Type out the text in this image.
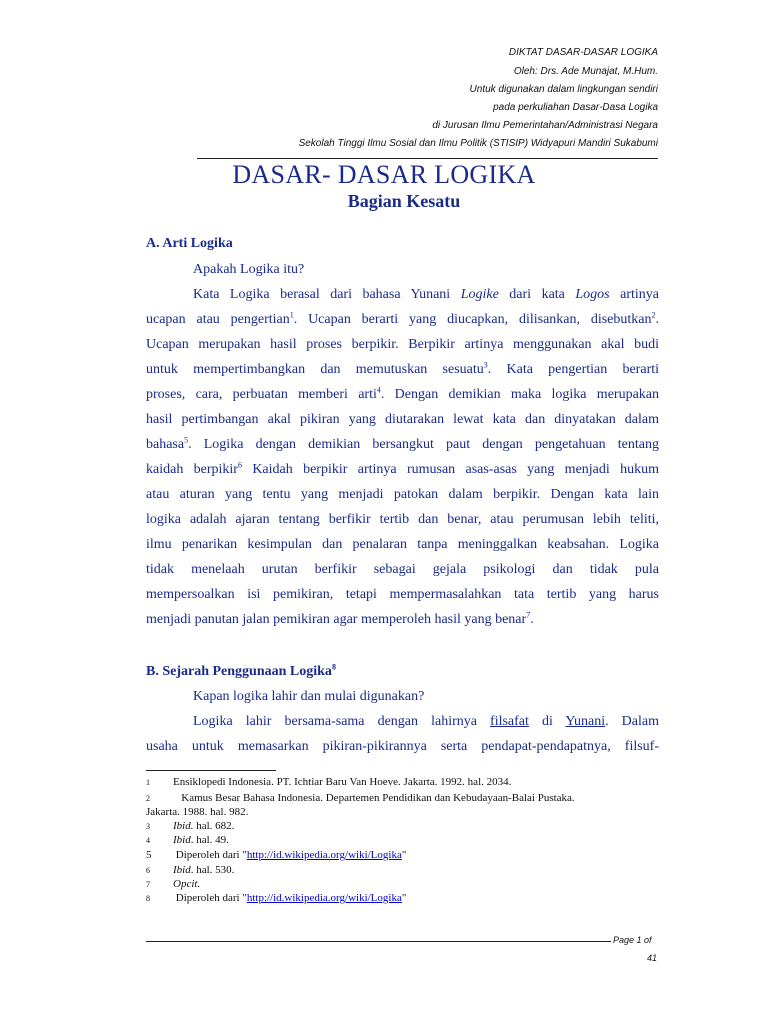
DIKTAT DASAR-DASAR LOGIKA
Oleh: Drs. Ade Munajat, M.Hum.
Untuk digunakan dalam lingkungan sendiri
pada perkuliahan Dasar-Dasa Logika
di Jurusan Ilmu Pemerintahan/Administrasi Negara
Sekolah Tinggi Ilmu Sosial dan Ilmu Politik (STISIP) Widyapuri Mandiri Sukabumi
DASAR- DASAR LOGIKA
Bagian Kesatu
A. Arti Logika
Apakah Logika itu?
Kata Logika berasal dari bahasa Yunani Logike dari kata Logos artinya
ucapan atau pengertian$^1$. Ucapan berarti yang diucapkan, dilisankan, disebutkan$^2$.
Ucapan merupakan hasil proses berpikir. Berpikir artinya menggunakan akal budi
untuk mempertimbangkan dan memutuskan sesuatu$^3$. Kata pengertian berarti
proses, cara, perbuatan memberi arti$^4$. Dengan demikian maka logika merupakan
hasil pertimbangan akal pikiran yang diutarakan lewat kata dan dinyatakan dalam
bahasa$^5$. Logika dengan demikian bersangkut paut dengan pengetahuan tentang
kaidah berpikir$^6$ Kaidah berpikir artinya rumusan asas-asas yang menjadi hukum
atau aturan yang tentu yang menjadi patokan dalam berpikir. Dengan kata lain
logika adalah ajaran tentang berfikir tertib dan benar, atau perumusan lebih teliti,
ilmu penarikan kesimpulan dan penalaran tanpa meninggalkan keabsahan. Logika
tidak menelaah urutan berfikir sebagai gejala psikologi dan tidak pula
mempersoalkan isi pemikiran, tetapi mempermasalahkan tata tertib yang harus
menjadi panutan jalan pemikiran agar memperoleh hasil yang benar$^7$.
B. Sejarah Penggunaan Logika$^8$
Kapan logika lahir dan mulai digunakan?
Logika lahir bersama-sama dengan lahirnya filsafat di Yunani. Dalam
usaha untuk memasarkan pikiran-pikirannya serta pendapat-pendapatnya, filsuf-
1 Ensiklopedi Indonesia. PT. Ichtiar Baru Van Hoeve. Jakarta. 1992. hal. 2034.
2	Kamus Besar Bahasa Indonesia. Departemen Pendidikan dan Kebudayaan-Balai Pustaka.
Jakarta. 1988. hal. 982.
3 Ibid. hal. 682.
4 Ibid. hal. 49.
5 Diperoleh dari "http://id.wikipedia.org/wiki/Logika"
6 Ibid. hal. 530.
7 Opcit.
8 Diperoleh dari "http://id.wikipedia.org/wiki/Logika"
Page 1 of
41
